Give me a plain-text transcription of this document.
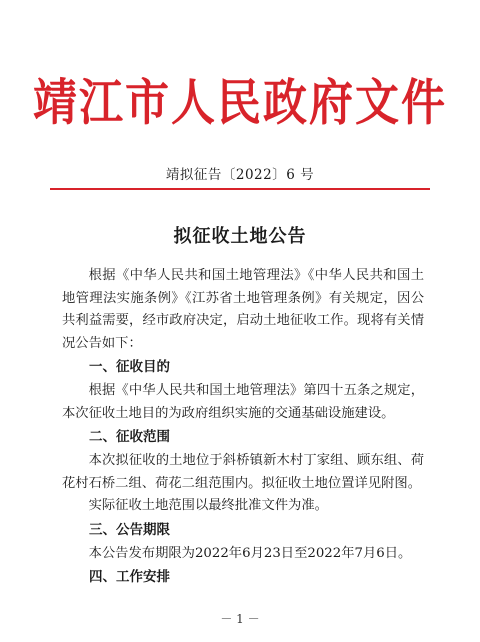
靖江市人民政府文件
靖拟征告〔2022〕6 号
拟征收土地公告

根据《中华人民共和国土地管理法》《中华人民共和国土地管理法实施条例》《江苏省土地管理条例》有关规定，因公共利益需要，经市政府决定，启动土地征收工作。现将有关情况公告如下：

一、征收目的

根据《中华人民共和国土地管理法》第四十五条之规定，本次征收土地目的为政府组织实施的交通基础设施建设。

二、征收范围

本次拟征收的土地位于斜桥镇新木村丁家组、顾东组、荷花村石桥二组、荷花二组范围内。拟征收土地位置详见附图。

实际征收土地范围以最终批准文件为准。

三、公告期限

本公告发布期限为2022年6月23日至2022年7月6日。

四、工作安排
－ 1 －
